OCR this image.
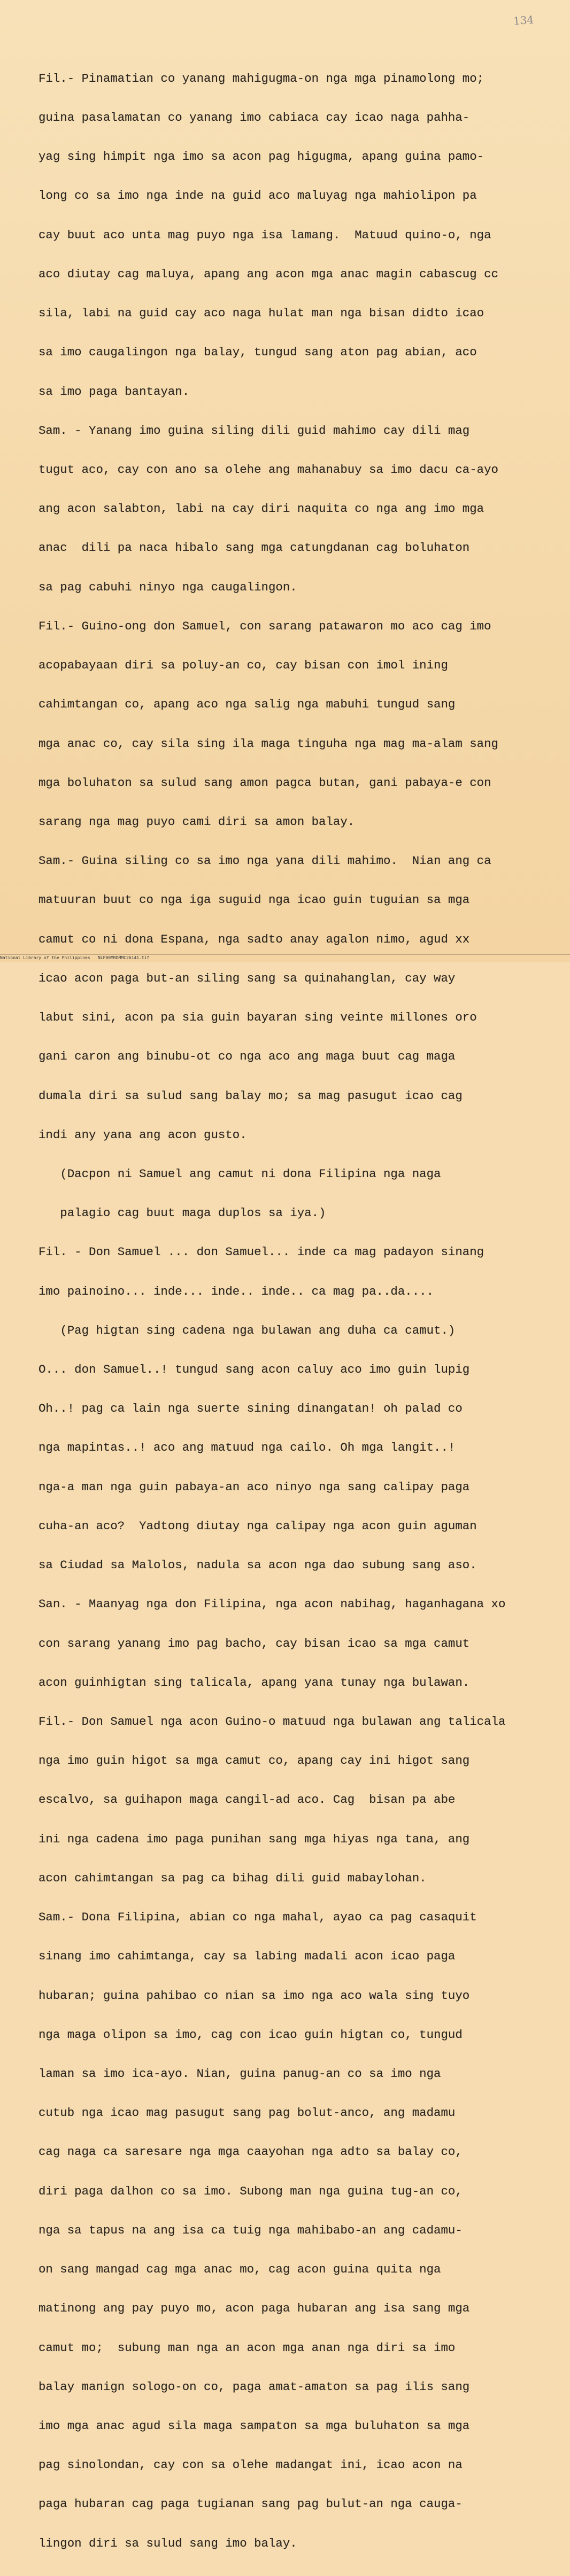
134

Fil.- Pinamatian co yanang mahigugma-on nga mga pinamolong mo;

guina pasalamatan co yanang imo cabiaca cay icao naga pahha-

yag sing himpit nga imo sa acon pag higugma, apang guina pamo-

long co sa imo nga inde na guid aco maluyag nga mahiolipon pa

cay buut aco unta mag puyo nga isa lamang.  Matuud quino-o, nga

aco diutay cag maluya, apang ang acon mga anac magin cabascug cc

sila, labi na guid cay aco naga hulat man nga bisan didto icao

sa imo caugalingon nga balay, tungud sang aton pag abian, aco

sa imo paga bantayan.

Sam. - Yanang imo guina siling dili guid mahimo cay dili mag

tugut aco, cay con ano sa olehe ang mahanabuy sa imo dacu ca-ayo

ang acon salabton, labi na cay diri naquita co nga ang imo mga

anac  dili pa naca hibalo sang mga catungdanan cag boluhaton

sa pag cabuhi ninyo nga caugalingon.

Fil.- Guino-ong don Samuel, con sarang patawaron mo aco cag imo

acopabayaan diri sa poluy-an co, cay bisan con imol ining

cahimtangan co, apang aco nga salig nga mabuhi tungud sang

mga anac co, cay sila sing ila maga tinguha nga mag ma-alam sang

mga boluhaton sa sulud sang amon pagca butan, gani pabaya-e con

sarang nga mag puyo cami diri sa amon balay.

Sam.- Guina siling co sa imo nga yana dili mahimo.  Nian ang ca

matuuran buut co nga iga suguid nga icao guin tuguian sa mga

camut co ni dona Espana, nga sadto anay agalon nimo, agud xx

icao acon paga but-an siling sang sa quinahanglan, cay way

labut sini, acon pa sia guin bayaran sing veinte millones oro

gani caron ang binubu-ot co nga aco ang maga buut cag maga

dumala diri sa sulud sang balay mo; sa mag pasugut icao cag

indi any yana ang acon gusto.

(Dacpon ni Samuel ang camut ni dona Filipina nga naga

palagio cag buut maga duplos sa iya.)

Fil. - Don Samuel ... don Samuel... inde ca mag padayon sinang

imo painoino... inde... inde.. inde.. ca mag pa..da....

(Pag higtan sing cadena nga bulawan ang duha ca camut.)

O... don Samuel..! tungud sang acon caluy aco imo guin lupig

Oh..! pag ca lain nga suerte sining dinangatan! oh palad co

nga mapintas..! aco ang matuud nga cailo. Oh mga langit..!

nga-a man nga guin pabaya-an aco ninyo nga sang calipay paga

cuha-an aco?  Yadtong diutay nga calipay nga acon guin aguman

sa Ciudad sa Malolos, nadula sa acon nga dao subung sang aso.

San. - Maanyag nga don Filipina, nga acon nabihag, haganhagana xo

con sarang yanang imo pag bacho, cay bisan icao sa mga camut

acon guinhigtan sing talicala, apang yana tunay nga bulawan.

Fil.- Don Samuel nga acon Guino-o matuud nga bulawan ang talicala

nga imo guin higot sa mga camut co, apang cay ini higot sang

escalvo, sa guihapon maga cangil-ad aco. Cag  bisan pa abe

ini nga cadena imo paga punihan sang mga hiyas nga tana, ang

acon cahimtangan sa pag ca bihag dili guid mabaylohan.

Sam.- Dona Filipina, abian co nga mahal, ayao ca pag casaquit

sinang imo cahimtanga, cay sa labing madali acon icao paga

hubaran; guina pahibao co nian sa imo nga aco wala sing tuyo

nga maga olipon sa imo, cag con icao guin higtan co, tungud

laman sa imo ica-ayo. Nian, guina panug-an co sa imo nga

cutub nga icao mag pasugut sang pag bolut-anco, ang madamu

cag naga ca saresare nga mga caayohan nga adto sa balay co,

diri paga dalhon co sa imo. Subong man nga guina tug-an co,

nga sa tapus na ang isa ca tuig nga mahibabo-an ang cadamu-

on sang mangad cag mga anac mo, cag acon guina quita nga

matinong ang pay puyo mo, acon paga hubaran ang isa sang mga

camut mo;  subung man nga an acon mga anan nga diri sa imo

balay manign sologo-on co, paga amat-amaton sa pag ilis sang

imo mga anac agud sila maga sampaton sa mga buluhaton sa mga

pag sinolondan, cay con sa olehe madangat ini, icao acon na

paga hubaran cag paga tugianan sang pag bulut-an nga cauga-

lingon diri sa sulud sang imo balay.

National Library of the Philippines   NLP00MRDMMC26141.tif
